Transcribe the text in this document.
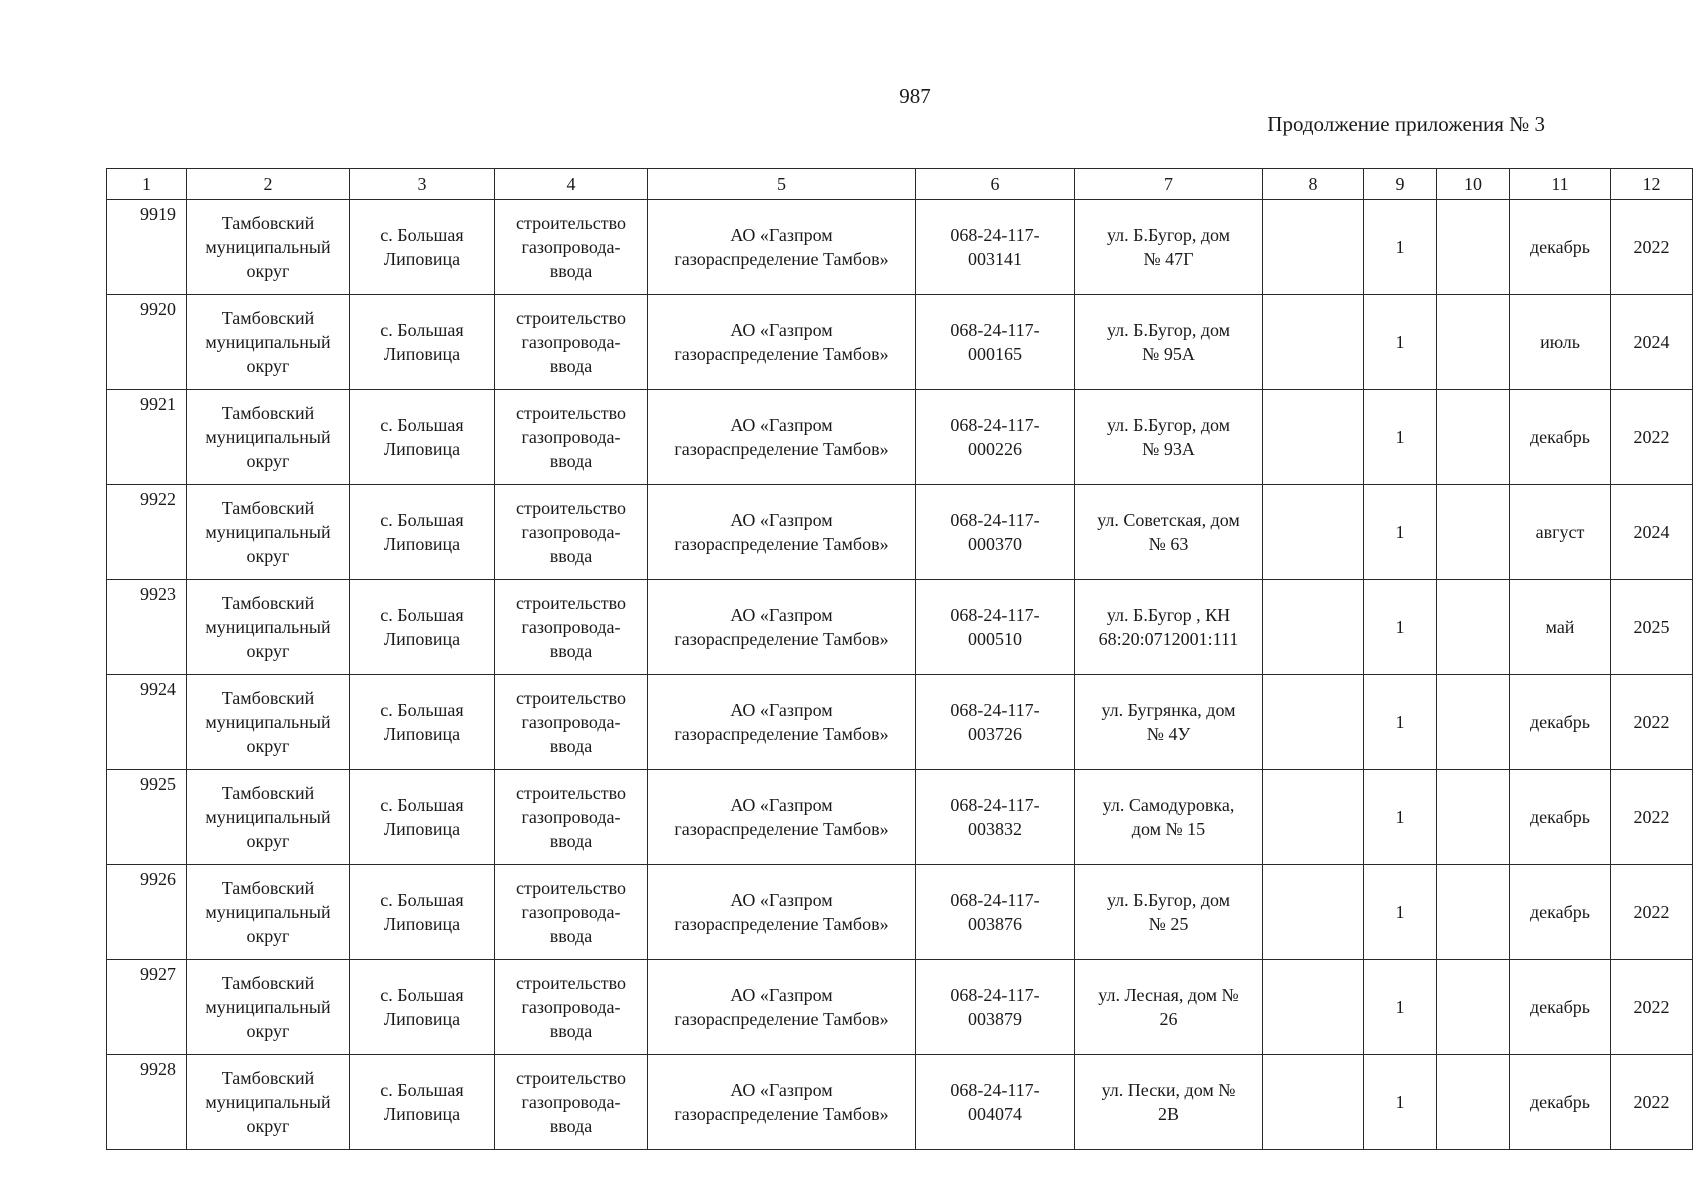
987
Продолжение приложения № 3
1	2	3	4	5	6	7	8	9	10	11	12

9919	Тамбовский
муниципальный
округ	с. Большая
Липовица	строительство
газопровода-
ввода	АО «Газпром
газораспределение Тамбов»	068-24-117-
003141	ул. Б.Бугор, дом
№ 47Г		1		декабрь	2022

9920	Тамбовский
муниципальный
округ	с. Большая
Липовица	строительство
газопровода-
ввода	АО «Газпром
газораспределение Тамбов»	068-24-117-
000165	ул. Б.Бугор, дом
№ 95А		1		июль	2024

9921	Тамбовский
муниципальный
округ	с. Большая
Липовица	строительство
газопровода-
ввода	АО «Газпром
газораспределение Тамбов»	068-24-117-
000226	ул. Б.Бугор, дом
№ 93А		1		декабрь	2022

9922	Тамбовский
муниципальный
округ	с. Большая
Липовица	строительство
газопровода-
ввода	АО «Газпром
газораспределение Тамбов»	068-24-117-
000370	ул. Советская, дом
№ 63		1		август	2024

9923	Тамбовский
муниципальный
округ	с. Большая
Липовица	строительство
газопровода-
ввода	АО «Газпром
газораспределение Тамбов»	068-24-117-
000510	ул. Б.Бугор , КН
68:20:0712001:111		1		май	2025

9924	Тамбовский
муниципальный
округ	с. Большая
Липовица	строительство
газопровода-
ввода	АО «Газпром
газораспределение Тамбов»	068-24-117-
003726	ул. Бугрянка, дом
№ 4У		1		декабрь	2022

9925	Тамбовский
муниципальный
округ	с. Большая
Липовица	строительство
газопровода-
ввода	АО «Газпром
газораспределение Тамбов»	068-24-117-
003832	ул. Самодуровка,
дом № 15		1		декабрь	2022

9926	Тамбовский
муниципальный
округ	с. Большая
Липовица	строительство
газопровода-
ввода	АО «Газпром
газораспределение Тамбов»	068-24-117-
003876	ул. Б.Бугор, дом
№ 25		1		декабрь	2022

9927	Тамбовский
муниципальный
округ	с. Большая
Липовица	строительство
газопровода-
ввода	АО «Газпром
газораспределение Тамбов»	068-24-117-
003879	ул. Лесная, дом №
26		1		декабрь	2022

9928	Тамбовский
муниципальный
округ	с. Большая
Липовица	строительство
газопровода-
ввода	АО «Газпром
газораспределение Тамбов»	068-24-117-
004074	ул. Пески, дом №
2В		1		декабрь	2022
